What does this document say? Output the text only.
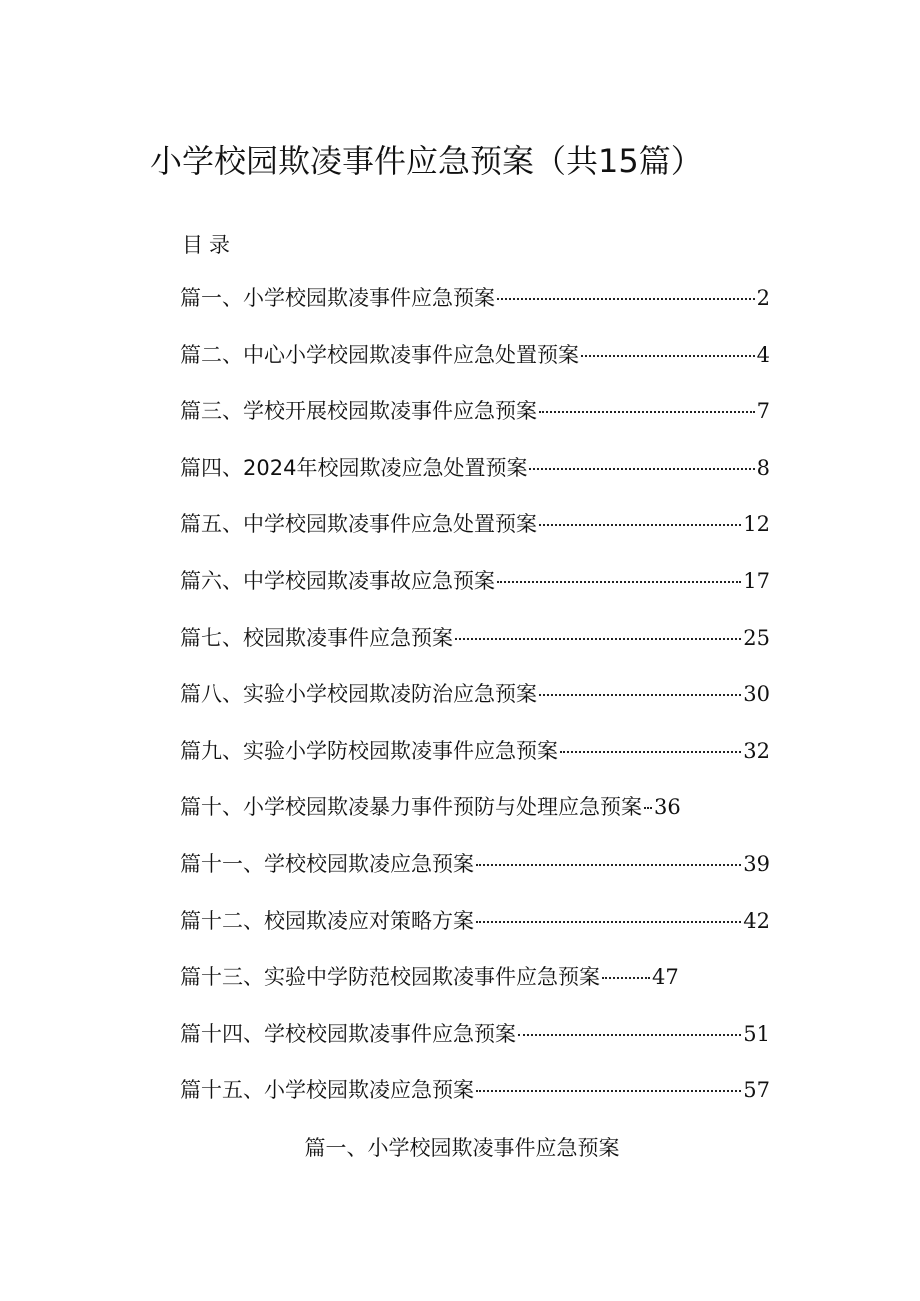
小学校园欺凌事件应急预案（共15篇）
目录
篇一、小学校园欺凌事件应急预案	2
篇二、中心小学校园欺凌事件应急处置预案	4
篇三、学校开展校园欺凌事件应急预案	7
篇四、2024年校园欺凌应急处置预案	8
篇五、中学校园欺凌事件应急处置预案	12
篇六、中学校园欺凌事故应急预案	17
篇七、校园欺凌事件应急预案	25
篇八、实验小学校园欺凌防治应急预案	30
篇九、实验小学防校园欺凌事件应急预案	32
篇十、小学校园欺凌暴力事件预防与处理应急预案 36
篇十一、学校校园欺凌应急预案	39
篇十二、校园欺凌应对策略方案	42
篇十三、实验中学防范校园欺凌事件应急预案 47
篇十四、学校校园欺凌事件应急预案	51
篇十五、小学校园欺凌应急预案	57
篇一、小学校园欺凌事件应急预案
